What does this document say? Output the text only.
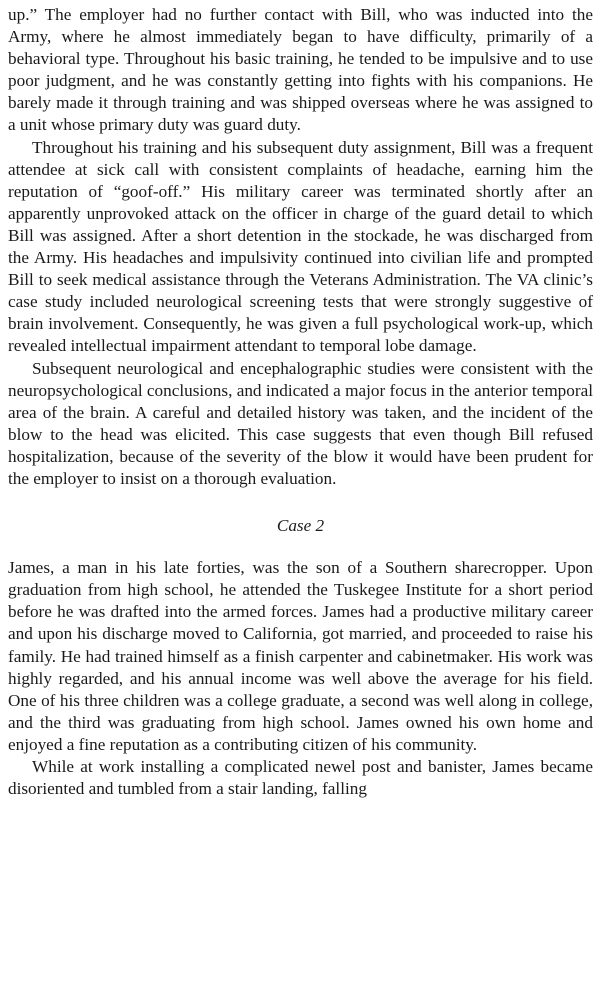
up.” The employer had no further contact with Bill, who was inducted into the Army, where he almost immediately began to have difficulty, primarily of a behavioral type. Throughout his basic training, he tended to be impulsive and to use poor judgment, and he was constantly getting into fights with his companions. He barely made it through training and was shipped overseas where he was assigned to a unit whose primary duty was guard duty.

Throughout his training and his subsequent duty assignment, Bill was a frequent attendee at sick call with consistent complaints of headache, earning him the reputation of “goof-off.” His military career was terminated shortly after an apparently unprovoked attack on the officer in charge of the guard detail to which Bill was assigned. After a short detention in the stockade, he was discharged from the Army. His headaches and impulsivity continued into civilian life and prompted Bill to seek medical assistance through the Veterans Administration. The VA clinic’s case study included neurological screening tests that were strongly suggestive of brain involvement. Consequently, he was given a full psychological work-up, which revealed intellectual impairment attendant to temporal lobe damage.

Subsequent neurological and encephalographic studies were consistent with the neuropsychological conclusions, and indicated a major focus in the anterior temporal area of the brain. A careful and detailed history was taken, and the incident of the blow to the head was elicited. This case suggests that even though Bill refused hospitalization, because of the severity of the blow it would have been prudent for the employer to insist on a thorough evaluation.

Case 2

James, a man in his late forties, was the son of a Southern sharecropper. Upon graduation from high school, he attended the Tuskegee Institute for a short period before he was drafted into the armed forces. James had a productive military career and upon his discharge moved to California, got married, and proceeded to raise his family. He had trained himself as a finish carpenter and cabinetmaker. His work was highly regarded, and his annual income was well above the average for his field. One of his three children was a college graduate, a second was well along in college, and the third was graduating from high school. James owned his own home and enjoyed a fine reputation as a contributing citizen of his community.

While at work installing a complicated newel post and banister, James became disoriented and tumbled from a stair landing, falling
